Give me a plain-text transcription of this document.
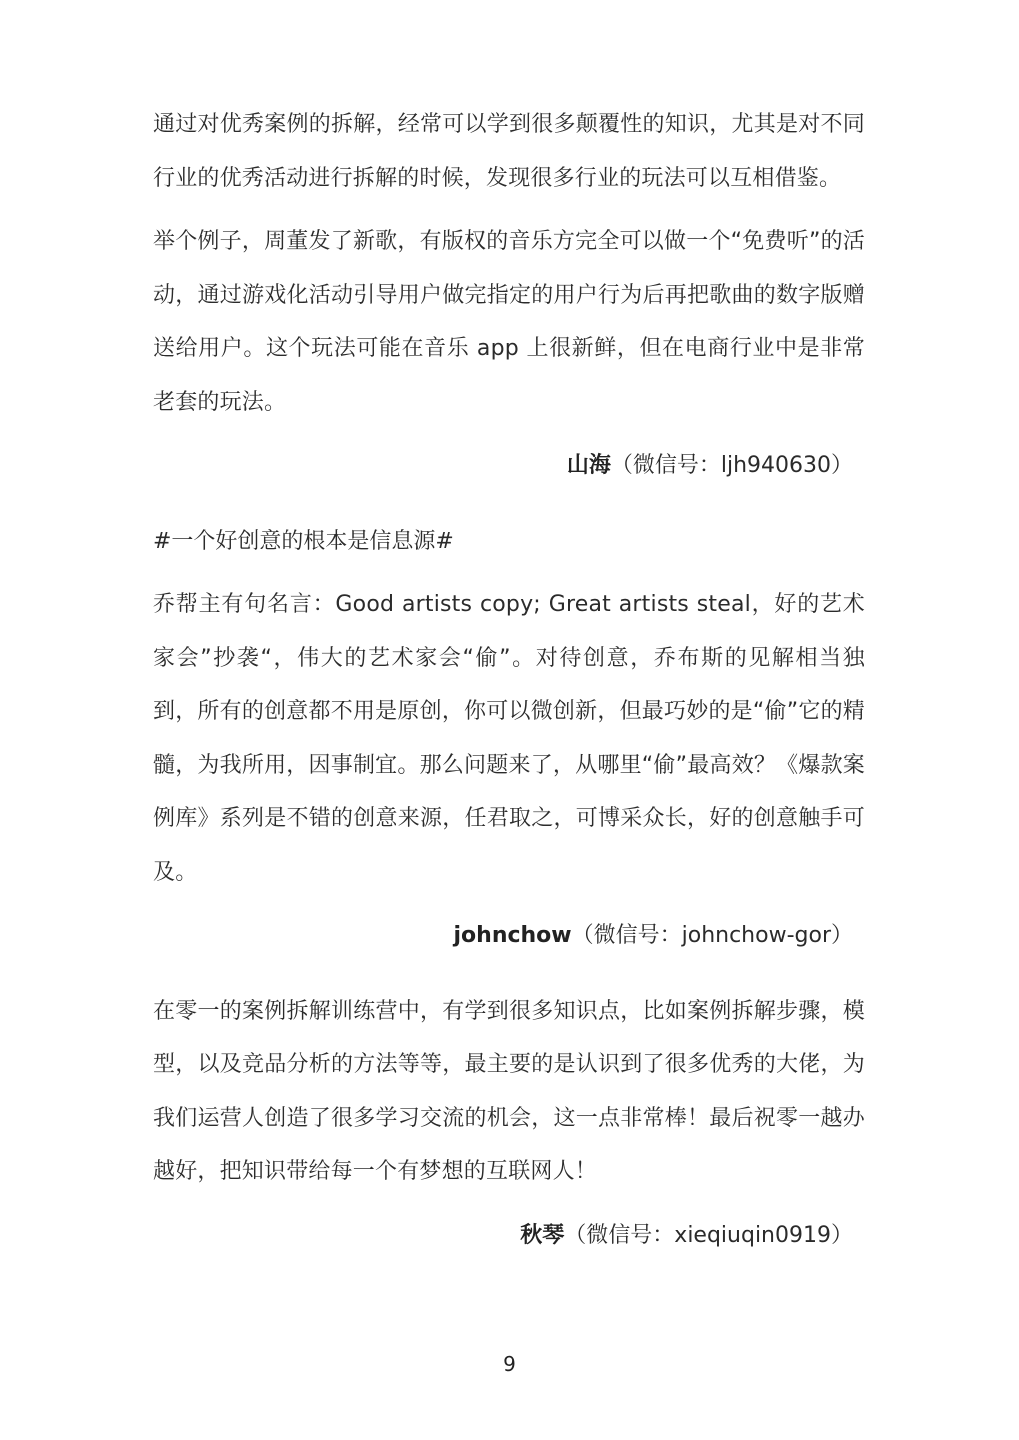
通过对优秀案例的拆解，经常可以学到很多颠覆性的知识，尤其是对不同行业的优秀活动进行拆解的时候，发现很多行业的玩法可以互相借鉴。

举个例子，周董发了新歌，有版权的音乐方完全可以做一个“免费听”的活动，通过游戏化活动引导用户做完指定的用户行为后再把歌曲的数字版赠送给用户。这个玩法可能在音乐 app 上很新鲜，但在电商行业中是非常老套的玩法。

山海（微信号：ljh940630）

#一个好创意的根本是信息源#

乔帮主有句名言：Good artists copy; Great artists steal，好的艺术家会”抄袭“，伟大的艺术家会“偷”。对待创意，乔布斯的见解相当独到，所有的创意都不用是原创，你可以微创新，但最巧妙的是“偷”它的精髓，为我所用，因事制宜。那么问题来了，从哪里“偷”最高效？《爆款案例库》系列是不错的创意来源，任君取之，可博采众长，好的创意触手可及。

johnchow（微信号：johnchow-gor）

在零一的案例拆解训练营中，有学到很多知识点，比如案例拆解步骤，模型，以及竞品分析的方法等等，最主要的是认识到了很多优秀的大佬，为我们运营人创造了很多学习交流的机会，这一点非常棒！最后祝零一越办越好，把知识带给每一个有梦想的互联网人！

秋琴（微信号：xieqiuqin0919）

9
